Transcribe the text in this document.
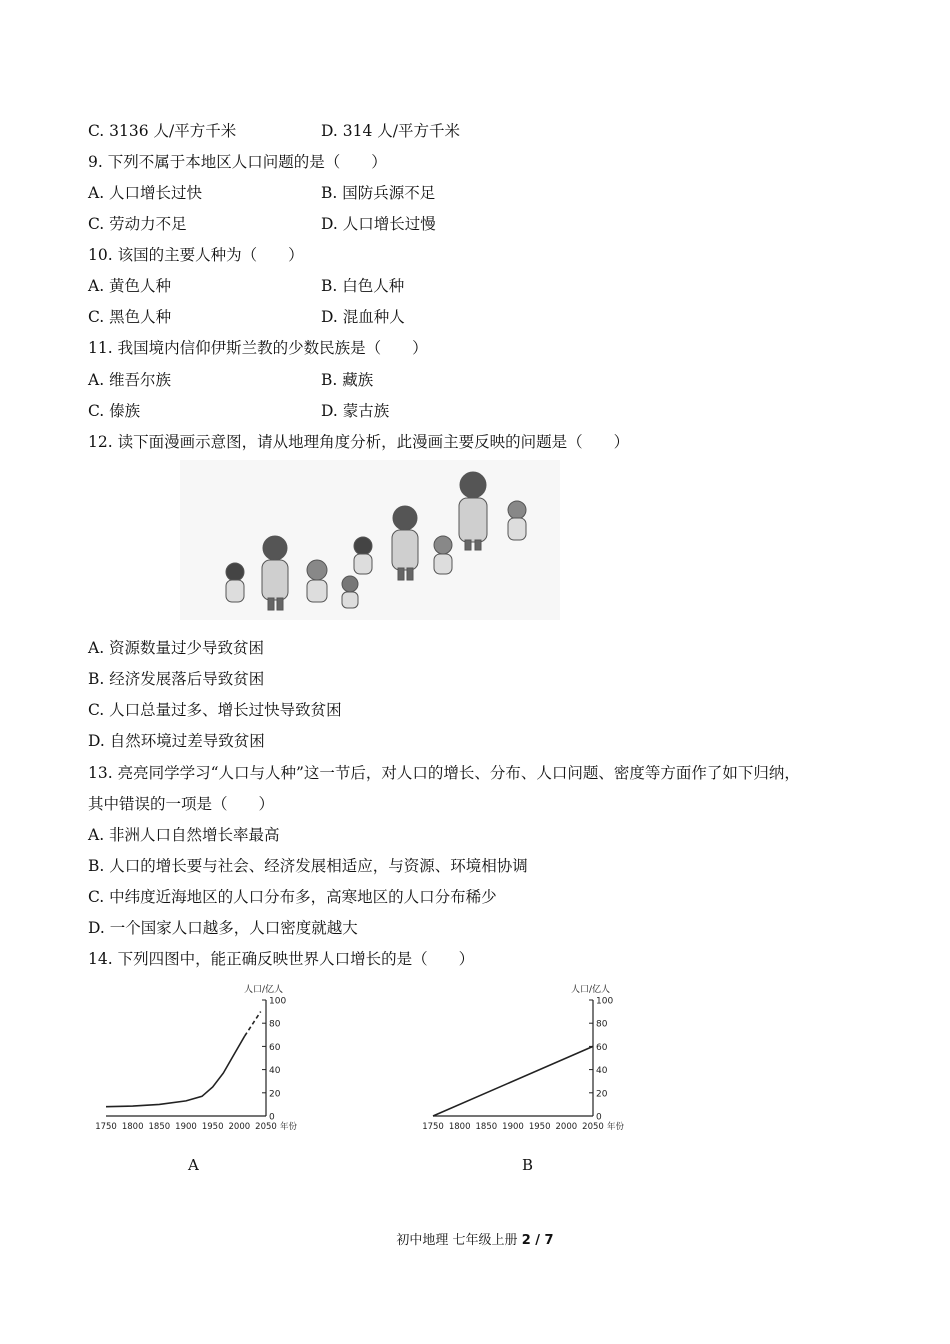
C. 3136 人/平方千米	D. 314 人/平方千米
9. 下列不属于本地区人口问题的是（　　）
A. 人口增长过快	B. 国防兵源不足
C. 劳动力不足	D. 人口增长过慢
10. 该国的主要人种为（　　）
A. 黄色人种	B. 白色人种
C. 黑色人种	D. 混血种人
11. 我国境内信仰伊斯兰教的少数民族是（　　）
A. 维吾尔族	B. 藏族
C. 傣族	D. 蒙古族
12. 读下面漫画示意图，请从地理角度分析，此漫画主要反映的问题是（　　）
A. 资源数量过少导致贫困
B. 经济发展落后导致贫困
C. 人口总量过多、增长过快导致贫困
D. 自然环境过差导致贫困
13. 亮亮同学学习“人口与人种”这一节后，对人口的增长、分布、人口问题、密度等方面作了如下归纳，
其中错误的一项是（　　）
A. 非洲人口自然增长率最高
B. 人口的增长要与社会、经济发展相适应，与资源、环境相协调
C. 中纬度近海地区的人口分布多，高寒地区的人口分布稀少
D. 一个国家人口越多，人口密度就越大
14. 下列四图中，能正确反映世界人口增长的是（　　）
0
20
40
60
80
100
人口/亿人
1750 1800 1850 1900 1950 2000 2050 年份
A
0
20
40
60
80
100
人口/亿人
1750 1800 1850 1900 1950 2000 2050 年份
B
初中地理 七年级上册 2 / 7
